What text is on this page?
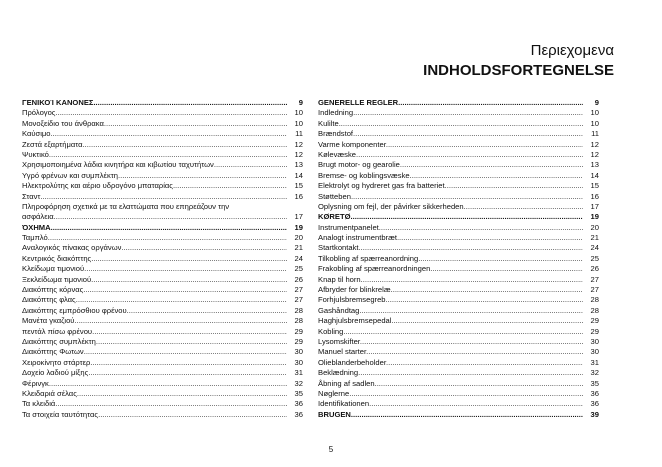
Περιεχομενα
INDHOLDSFORTEGNELSE
ΓΕΝΙΚΟΊ ΚΑΝΟΝΕΣ .....	9
Πρόλογος .....	10
Μονοξείδιο του άνθρακα .....	10
Καύσιμο .....	11
Ζεστά εξαρτήματα .....	12
Ψυκτικό .....	12
Χρησιμοποιημένα λάδια κινητήρα και κιβωτίου ταχυτήτων .....	13
Υγρό φρένων και συμπλέκτη .....	14
Ηλεκτρολύτης και αέριο υδρογόνο μπαταρίας .....	15
Σταντ .....	16
Πληροφόρηση σχετικά με τα ελαττώματα που επηρεάζουν την
ασφάλεια .....	17
ΌΧΗΜΑ .....	19
Ταμπλό .....	20
Αναλογικός πίνακας οργάνων .....	21
Κεντρικός διακόπτης .....	24
Κλείδωμα τιμονιού .....	25
Ξεκλείδωμα τιμονιού .....	26
Διακόπτης κόρνας .....	27
Διακόπτης φλας .....	27
Διακόπτης εμπρόσθιου φρένου .....	28
Μανέτα γκαζιού .....	28
πεντάλ πίσω φρένου .....	29
Διακόπτης συμπλέκτη .....	29
Διακόπτης Φωτων .....	30
Χειροκίνητο στάρτερ .....	30
Δοχείο λαδιού μίξης .....	31
Φέρινγκ .....	32
Κλειδαριά σέλας .....	35
Τα κλειδιά .....	36
Τα στοιχεία ταυτότητας .....	36
GENERELLE REGLER .....	9
Indledning .....	10
Kulilte .....	10
Brændstof .....	11
Varme komponenter .....	12
Kølevæske .....	12
Brugt motor- og gearolie .....	13
Bremse- og koblingsvæske .....	14
Elektrolyt og hydreret gas fra batteriet .....	15
Støtteben .....	16
Oplysning om fejl, der påvirker sikkerheden .....	17
KØRETØ .....	19
Instrumentpanelet .....	20
Analogt instrumentbræt .....	21
Startkontakt .....	24
Tilkobling af spærreanordning .....	25
Frakobling af spærreanordningen .....	26
Knap til horn .....	27
Afbryder for blinkrelæ .....	27
Forhjulsbremsegreb .....	28
Gashåndtag .....	28
Haghjulsbremsepedal .....	29
Kobling .....	29
Lysomskifter .....	30
Manuel starter .....	30
Olieblanderbeholder .....	31
Beklædning .....	32
Åbning af sadlen .....	35
Nøglerne .....	36
Identifikationen .....	36
BRUGEN .....	39
5
